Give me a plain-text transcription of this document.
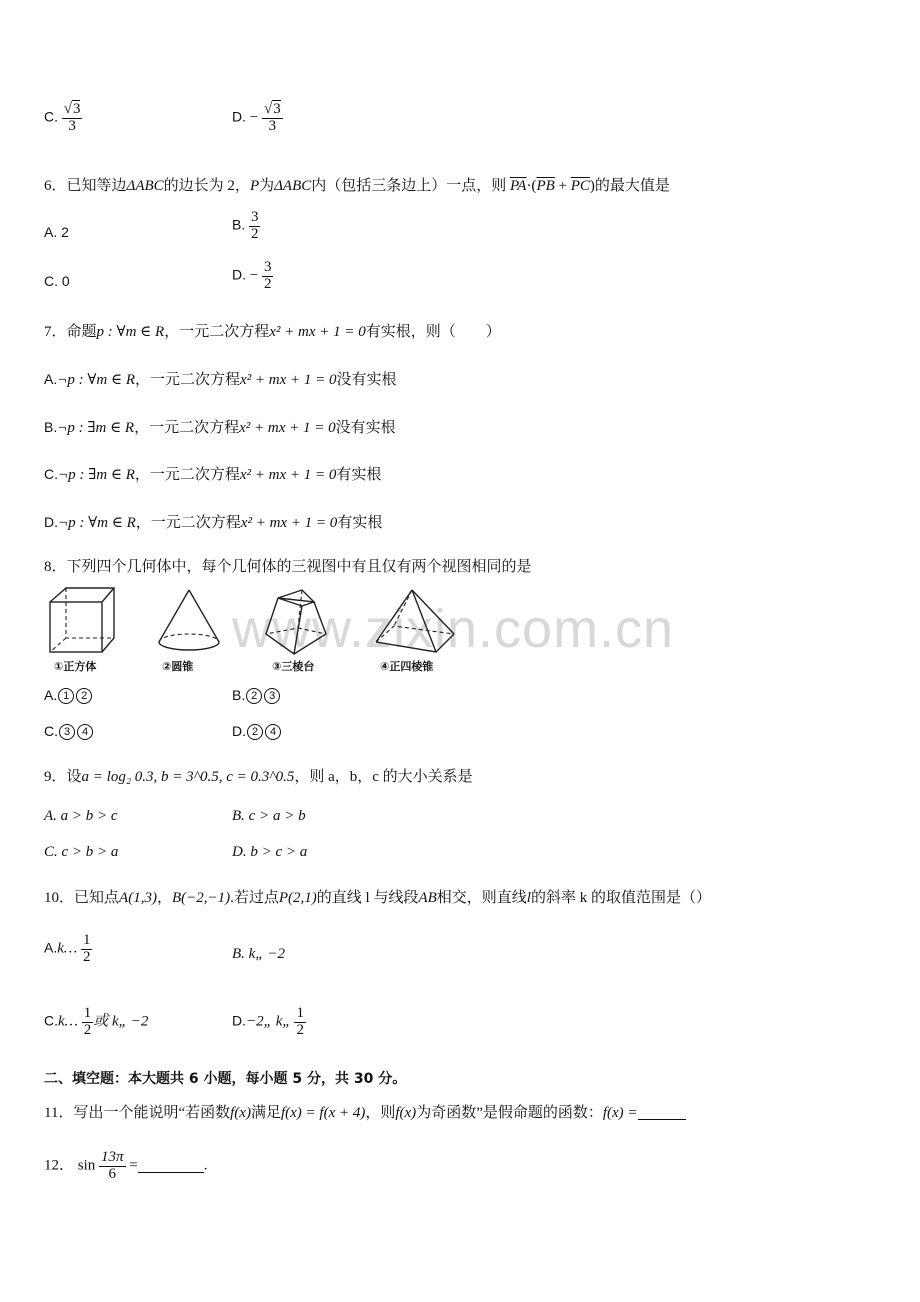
www.zixin.com.cn
C. $\frac{√3}{3}$	D. − $\frac{√3}{3}$
6．已知等边ΔABC的边长为 2，P为ΔABC内（包括三条边上）一点，则 $\overline{PA}\cdot(\overline{PB} + \overline{PC})$的最大值是
A. 2	B. $\frac{3}{2}$
C. 0	D. − $\frac{3}{2}$
7．命题p : ∀m ∈ R，一元二次方程x² + mx + 1 = 0有实根，则（　　）
A.¬p : ∀m ∈ R，一元二次方程x² + mx + 1 = 0没有实根
B.¬p : ∃m ∈ R，一元二次方程x² + mx + 1 = 0没有实根
C.¬p : ∃m ∈ R，一元二次方程x² + mx + 1 = 0有实根
D.¬p : ∀m ∈ R，一元二次方程x² + mx + 1 = 0有实根
8．下列四个几何体中，每个几何体的三视图中有且仅有两个视图相同的是
①正方体	②圆锥	③三棱台	④正四棱锥
A. 1 2	B. 2 3
C. 3 4	D. 2 4
9．设a = log₂ 0.3, b = 3^0.5, c = 0.3^0.5，则 a，b，c 的大小关系是
A. a > b > c	B. c > a > b
C. c > b > a	D. b > c > a
10．已知点A(1,3)，B(−2,−1).若过点P(2,1)的直线 l 与线段AB相交，则直线l的斜率 k 的取值范围是（）
A.k… $\frac{1}{2}$	B. k„ −2
C.k… $\frac{1}{2}$ 或 k„ −2	D.−2„ k„ $\frac{1}{2}$
二、填空题：本大题共 6 小题，每小题 5 分，共 30 分。
11．写出一个能说明“若函数f(x)满足f(x) = f(x + 4)，则f(x)为奇函数”是假命题的函数：f(x) =
12． $\sin \frac{13\pi}{6}$ =	.
